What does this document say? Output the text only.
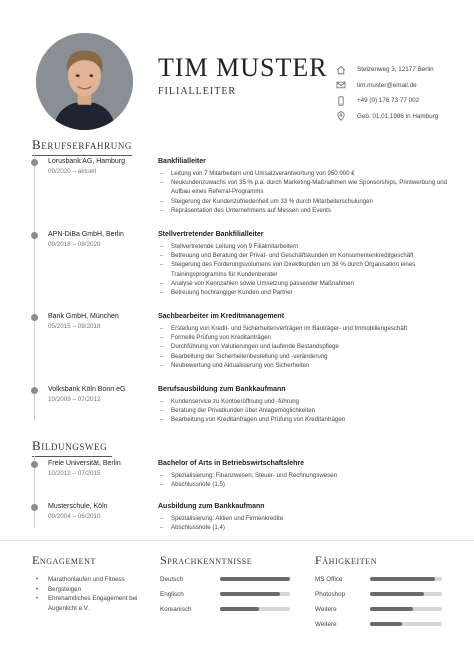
TIM MUSTER
FILIALLEITER
Stelzenweg 3, 12177 Berlin
tim.muster@email.de
+49 (0) 176 73 77 002
Geb. 01.01.1986 in Hamburg
Berufserfahrung
Lorusbank AG, Hamburg
09/2020 – aktuell
Bankfilialleiter
– Leitung von 7 Mitarbeitern und Umsatzverantwortung von 950.000 €
– Neukundenzuwachs von 35 % p.a. durch Marketing-Maßnahmen wie Sponsorships, Printwerbung und Aufbau eines Referral-Programms
– Steigerung der Kundenzufriedenheit um 33 % durch Mitarbeiterschulungen
– Repräsentation des Unternehmens auf Messen und Events
APN-DiBa GmbH, Berlin
09/2018 – 08/2020
Stellvertretender Bankfilialleiter
– Stellvertretende Leitung von 9 Filialmitarbeitern
– Betreuung und Beratung der Privat- und Geschäftskunden im Konsumentenkreditgeschäft
– Steigerung des Forderungsvolumens von Direktkunden um 38 % durch Organisation eines Trainingsprogramms für Kundenberater
– Analyse von Kennzahlen sowie Umsetzung passender Maßnahmen
– Betreuung hochrangiger Kunden und Partner
Bank GmbH, München
05/2015 – 09/2018
Sachbearbeiter im Kreditmanagement
– Erstellung von Kredit- und Sicherheitenverträgen im Bauträger- und Immobiliengeschäft
– Formelle Prüfung von Kreditanträgen
– Durchführung von Valutierungen und laufende Bestandspflege
– Bearbeitung der Sicherheitenbestellung und -veränderung
– Neubewertung und Aktualisierung von Sicherheiten
Volksbank Köln Bonn eG
10/2009 – 07/2012
Berufsausbildung zum Bankkaufmann
– Kundenservice zu Kontoeröffnung und -führung
– Beratung der Privatkunden über Anlagemöglichkeiten
– Bearbeitung von Kreditanfragen und Prüfung von Kreditanträgen
Bildungsweg
Freie Universität, Berlin
10/2012 – 07/2015
Bachelor of Arts in Betriebswirtschaftslehre
– Spezialisierung: Finanzwesen, Steuer- und Rechnungswesen
– Abschlussnote (1,5)
Musterschule, Köln
09/2004 – 06/2010
Ausbildung zum Bankkaufmann
– Spezialisierung: Aktien und Firmenkredite
– Abschlussnote (1,4)
Engagement
• Marathonlaufen und Fitness
• Bergsteigen
• Ehrenamtliches Engagement bei Augenlicht e.V.
Sprachkenntnisse
Deutsch
Englisch
Koreanisch
Fähigkeiten
MS Office
Photoshop
Weitere
Weitere
